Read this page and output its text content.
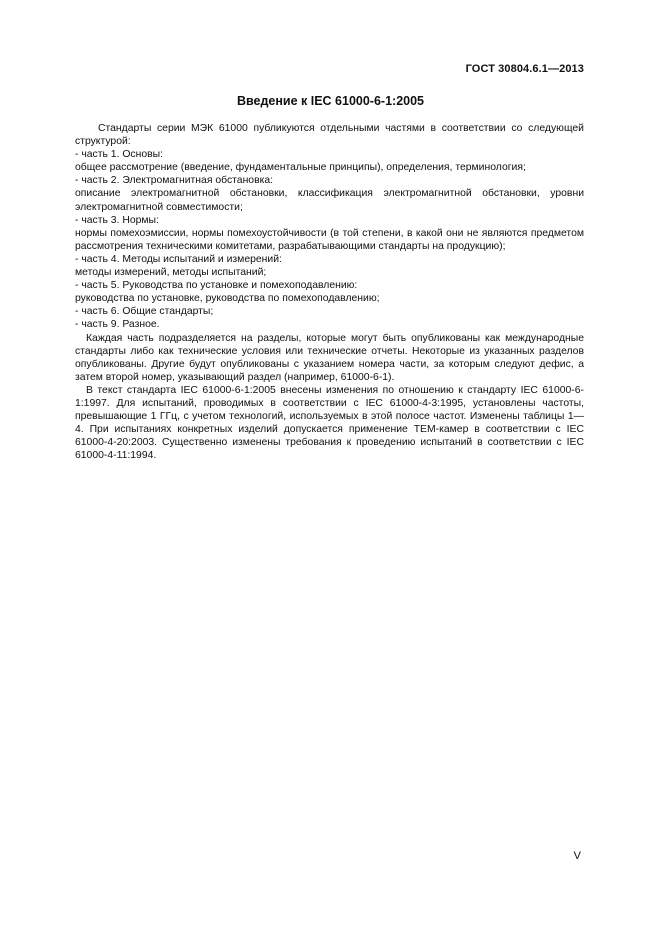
ГОСТ 30804.6.1—2013
Введение к IEC 61000-6-1:2005

Стандарты серии МЭК 61000 публикуются отдельными частями в соответствии со следующей структурой:

- часть 1. Основы:

общее рассмотрение (введение, фундаментальные принципы), определения, терминология;

- часть 2. Электромагнитная обстановка:

описание электромагнитной обстановки, классификация электромагнитной обстановки, уровни электромагнитной совместимости;

- часть 3. Нормы:

нормы помехоэмиссии, нормы помехоустойчивости (в той степени, в какой они не являются предметом рассмотрения техническими комитетами, разрабатывающими стандарты на продукцию);

- часть 4. Методы испытаний и измерений:

методы измерений, методы испытаний;

- часть 5. Руководства по установке и помехоподавлению:

руководства по установке, руководства по помехоподавлению;

- часть 6. Общие стандарты;

- часть 9. Разное.

Каждая часть подразделяется на разделы, которые могут быть опубликованы как международные стандарты либо как технические условия или технические отчеты. Некоторые из указанных разделов опубликованы. Другие будут опубликованы с указанием номера части, за которым следуют дефис, а затем второй номер, указывающий раздел (например, 61000-6-1).

В текст стандарта IEC 61000-6-1:2005 внесены изменения по отношению к стандарту IEC 61000-6-1:1997. Для испытаний, проводимых в соответствии с IEC 61000-4-3:1995, установлены частоты, превышающие 1 ГГц, с учетом технологий, используемых в этой полосе частот. Изменены таблицы 1—4. При испытаниях конкретных изделий допускается применение ТЕМ-камер в соответствии с IEC 61000-4-20:2003. Существенно изменены требования к проведению испытаний в соответствии с IEC 61000-4-11:1994.

V
